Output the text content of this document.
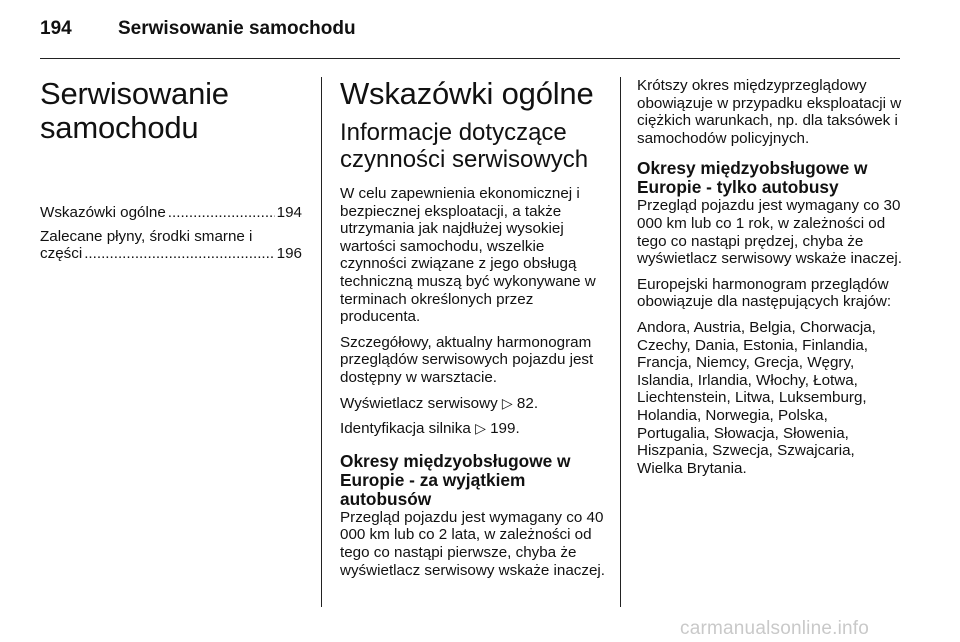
194 Serwisowanie samochodu
Serwisowanie
samochodu
Wskazówki ogólne .....	194
Zalecane płyny, środki smarne i
części .....	196
Wskazówki ogólne
Informacje dotyczące czynności serwisowych

W celu zapewnienia ekonomicznej i bezpiecznej eksploatacji, a także utrzymania jak najdłużej wysokiej wartości samochodu, wszelkie czynności związane z jego obsługą techniczną muszą być wykonywane w terminach określonych przez producenta.

Szczegółowy, aktualny harmonogram przeglądów serwisowych pojazdu jest dostępny w warsztacie.

Wyświetlacz serwisowy ▷ 82.

Identyfikacja silnika ▷ 199.

Okresy międzyobsługowe w Europie - za wyjątkiem autobusów

Przegląd pojazdu jest wymagany co 40 000 km lub co 2 lata, w zależności od tego co nastąpi pierwsze, chyba że wyświetlacz serwisowy wskaże inaczej.

Krótszy okres międzyprzeglądowy obowiązuje w przypadku eksploatacji w ciężkich warunkach, np. dla taksówek i samochodów policyjnych.

Okresy międzyobsługowe w Europie - tylko autobusy

Przegląd pojazdu jest wymagany co 30 000 km lub co 1 rok, w zależności od tego co nastąpi prędzej, chyba że wyświetlacz serwisowy wskaże inaczej.

Europejski harmonogram przeglądów obowiązuje dla następujących krajów:

Andora, Austria, Belgia, Chorwacja, Czechy, Dania, Estonia, Finlandia, Francja, Niemcy, Grecja, Węgry, Islandia, Irlandia, Włochy, Łotwa, Liechtenstein, Litwa, Luksemburg, Holandia, Norwegia, Polska, Portugalia, Słowacja, Słowenia, Hiszpania, Szwecja, Szwajcaria, Wielka Brytania.

carmanualsonline.info
